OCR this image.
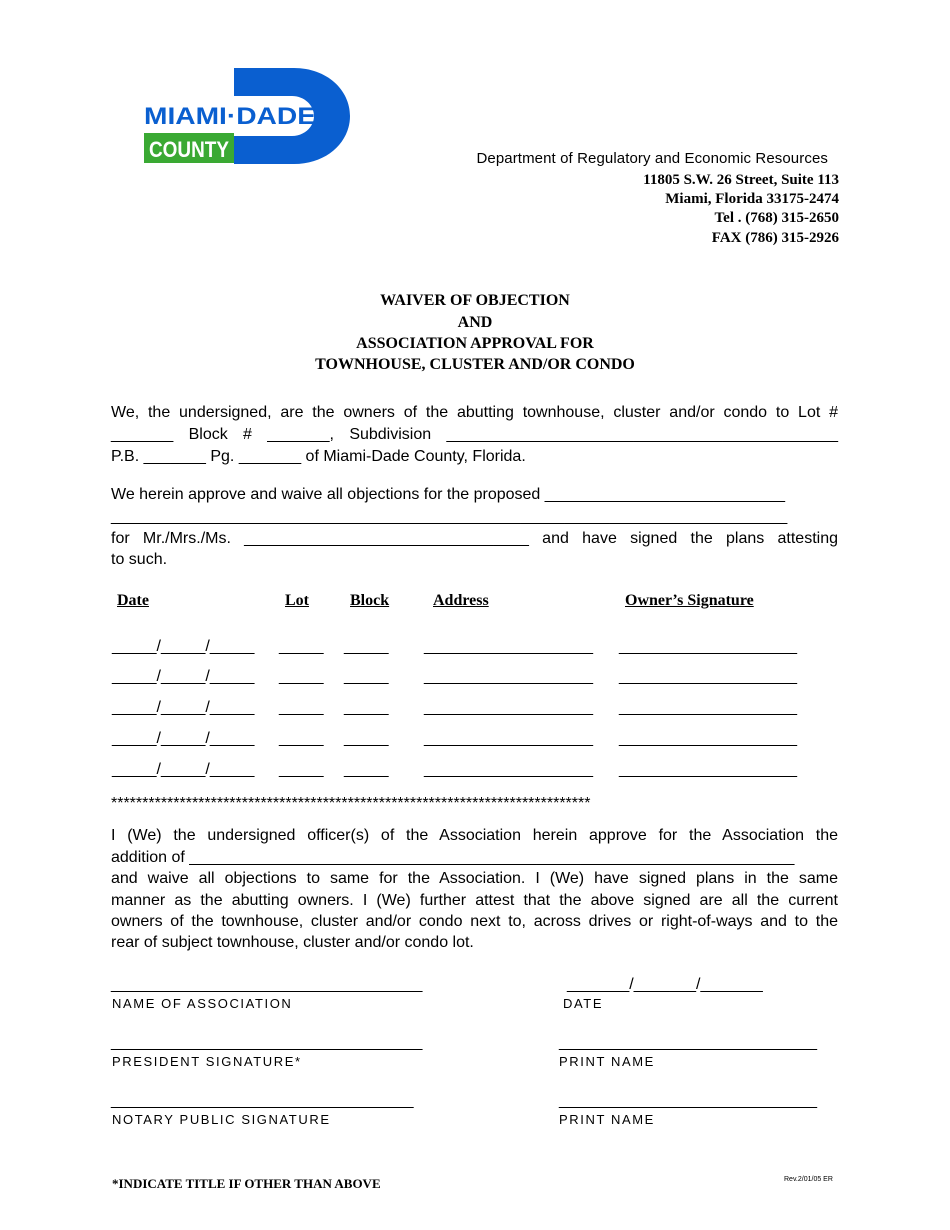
MIAMI·DADE
COUNTY	Department of Regulatory and Economic Resources
11805 S.W. 26 Street, Suite 113
Miami, Florida 33175-2474
Tel . (768) 315-2650
FAX (786) 315-2926
WAIVER OF OBJECTION
AND
ASSOCIATION APPROVAL FOR
TOWNHOUSE, CLUSTER AND/OR CONDO
We, the undersigned, are the owners of the abutting townhouse, cluster and/or condo to Lot #
_______ Block # _______, Subdivision ____________________________________________
P.B. _______ Pg. _______ of Miami-Dade County, Florida.
We herein approve and waive all objections for the proposed ___________________________
____________________________________________________________________________
for Mr./Mrs./Ms. ________________________________ and have signed the plans attesting
to such.
Date	Lot	Block	Address	Owner’s Signature
_____/_____/_____ _____ _____ ___________________ ____________________
_____/_____/_____ _____ _____ ___________________ ____________________
_____/_____/_____ _____ _____ ___________________ ____________________
_____/_____/_____ _____ _____ ___________________ ____________________
_____/_____/_____ _____ _____ ___________________ ____________________
*****************************************************************************
I (We) the undersigned officer(s) of the Association herein approve for the Association the
addition of ____________________________________________________________________
and waive all objections to same for the Association. I (We) have signed plans in the same
manner as the abutting owners. I (We) further attest that the above signed are all the current
owners of the townhouse, cluster and/or condo next to, across drives or right-of-ways and to the
rear of subject townhouse, cluster and/or condo lot.
___________________________________
NAME OF ASSOCIATION
_______/_______/_______
DATE
___________________________________
PRESIDENT SIGNATURE*
_____________________________
PRINT NAME
__________________________________
NOTARY PUBLIC SIGNATURE
_____________________________
PRINT NAME
*INDICATE TITLE IF OTHER THAN ABOVE	Rev.2/01/05 ER
